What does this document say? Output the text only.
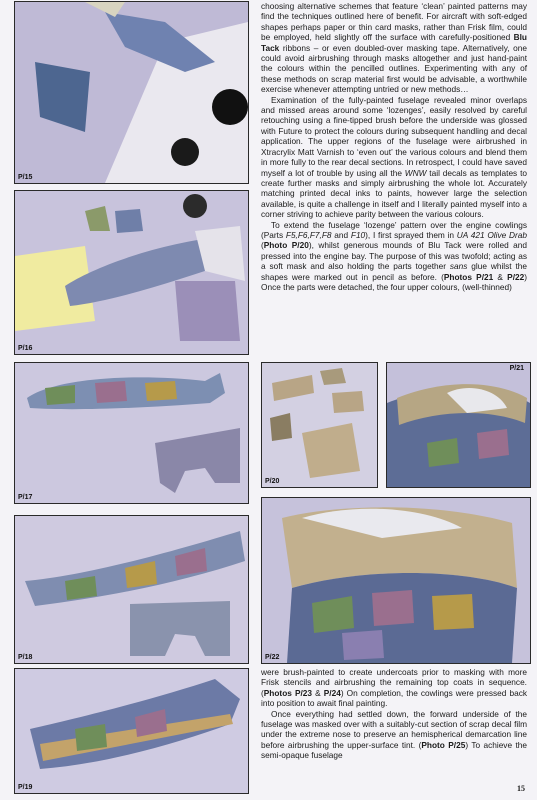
P/15
P/16
P/17
P/18
P/19
P/20
P/21
P/22

choosing alternative schemes that feature ‘clean’ painted patterns may find the techniques outlined here of benefit. For aircraft with soft-edged shapes perhaps paper or thin card masks, rather than Frisk film, could be employed, held slightly off the surface with carefully-positioned Blu Tack ribbons – or even doubled-over masking tape. Alternatively, one could avoid airbrushing through masks altogether and just hand-paint the colours within the pencilled outlines. Experimenting with any of these methods on scrap material first would be advisable, a worthwhile exercise whenever attempting untried or new methods…

Examination of the fully-painted fuselage revealed minor overlaps and missed areas around some ‘lozenges’, easily resolved by careful retouching using a fine-tipped brush before the underside was glossed with Future to protect the colours during subsequent handling and decal application. The upper regions of the fuselage were airbrushed in Xtracrylix Matt Varnish to ‘even out’ the various colours and blend them in more fully to the rear decal sections. In retrospect, I could have saved myself a lot of trouble by using all the WNW tail decals as templates to create further masks and simply airbrushing the whole lot. Accurately matching printed decal inks to paints, however large the selection available, is quite a challenge in itself and I literally painted myself into a corner striving to achieve parity between the various colours.

To extend the fuselage ‘lozenge’ pattern over the engine cowlings (Parts F5,F6,F7,F8 and F10), I first sprayed them in UA 421 Olive Drab (Photo P/20), whilst generous mounds of Blu Tack were rolled and pressed into the engine bay. The purpose of this was twofold; acting as a soft mask and also holding the parts together sans glue whilst the shapes were marked out in pencil as before. (Photos P/21 & P/22) Once the parts were detached, the four upper colours, (well-thinned)

were brush-painted to create undercoats prior to masking with more Frisk stencils and airbrushing the remaining top coats in sequence. (Photos P/23 & P/24) On completion, the cowlings were pressed back into position to await final painting.

Once everything had settled down, the forward underside of the fuselage was masked over with a suitably-cut section of scrap decal film under the extreme nose to preserve an hemispherical demarcation line before airbrushing the upper-surface tint. (Photo P/25) To achieve the semi-opaque fuselage

15
